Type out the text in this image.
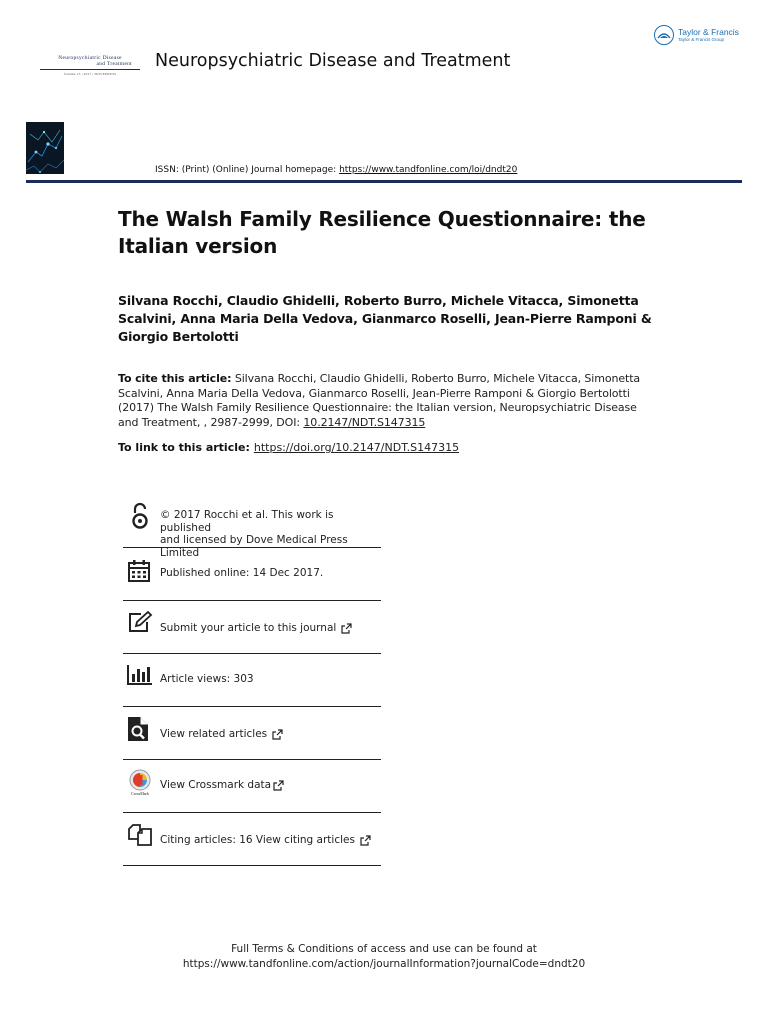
Taylor & Francis
Taylor & Francis Group
Neuropsychiatric Disease
and Treatment
Volume 13 | 2017 | DOVEPRESS
Neuropsychiatric Disease and Treatment
ISSN: (Print) (Online) Journal homepage: https://www.tandfonline.com/loi/dndt20
The Walsh Family Resilience Questionnaire: the Italian version
Silvana Rocchi, Claudio Ghidelli, Roberto Burro, Michele Vitacca, Simonetta Scalvini, Anna Maria Della Vedova, Gianmarco Roselli, Jean-Pierre Ramponi & Giorgio Bertolotti
To cite this article: Silvana Rocchi, Claudio Ghidelli, Roberto Burro, Michele Vitacca, Simonetta Scalvini, Anna Maria Della Vedova, Gianmarco Roselli, Jean-Pierre Ramponi & Giorgio Bertolotti (2017) The Walsh Family Resilience Questionnaire: the Italian version, Neuropsychiatric Disease and Treatment, , 2987-2999, DOI: 10.2147/NDT.S147315
To link to this article: https://doi.org/10.2147/NDT.S147315
© 2017 Rocchi et al. This work is published
and licensed by Dove Medical Press Limited
Published online: 14 Dec 2017.
Submit your article to this journal
Article views: 303
View related articles
CrossMark
View Crossmark data
Citing articles: 16 View citing articles
Full Terms & Conditions of access and use can be found at
https://www.tandfonline.com/action/journalInformation?journalCode=dndt20
